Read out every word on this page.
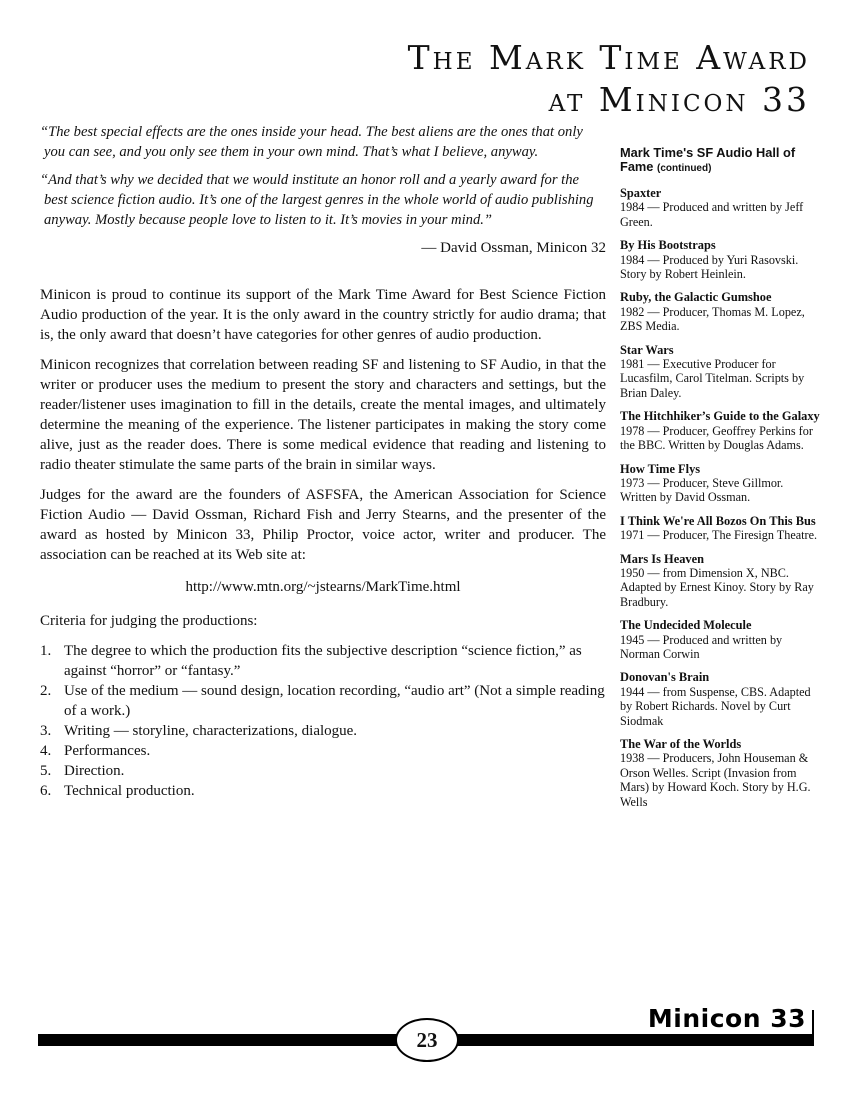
The Mark Time Award
at Minicon 33

“The best special effects are the ones inside your head. The best aliens are the ones that only you can see, and you only see them in your own mind. That’s what I believe, anyway.

“And that’s why we decided that we would institute an honor roll and a yearly award for the best science fiction audio. It’s one of the largest genres in the whole world of audio publishing anyway. Mostly because people love to listen to it. It’s movies in your mind.”

— David Ossman, Minicon 32

Minicon is proud to continue its support of the Mark Time Award for Best Science Fiction Audio production of the year. It is the only award in the country strictly for audio drama; that is, the only award that doesn’t have categories for other genres of audio production.

Minicon recognizes that correlation between reading SF and listening to SF Audio, in that the writer or producer uses the medium to present the story and characters and settings, but the reader/listener uses imagination to fill in the details, create the mental images, and ultimately determine the meaning of the experience. The listener participates in making the story come alive, just as the reader does. There is some medical evidence that reading and listening to radio theater stimulate the same parts of the brain in similar ways.

Judges for the award are the founders of ASFSFA, the American Association for Science Fiction Audio — David Ossman, Richard Fish and Jerry Stearns, and the presenter of the award as hosted by Minicon 33, Philip Proctor, voice actor, writer and producer. The association can be reached at its Web site at:

http://www.mtn.org/~jstearns/MarkTime.html

Criteria for judging the productions:

1. The degree to which the production fits the subjective description “science fiction,” as against “horror” or “fantasy.”
2. Use of the medium — sound design, location recording, “audio art” (Not a simple reading of a work.)
3. Writing — storyline, characterizations, dialogue.
4. Performances.
5. Direction.
6. Technical production.
Mark Time's SF Audio Hall of Fame (continued)
Spaxter
1984 — Produced and written by Jeff Green.
By His Bootstraps
1984 — Produced by Yuri Rasovski. Story by Robert Heinlein.
Ruby, the Galactic Gumshoe
1982 — Producer, Thomas M. Lopez, ZBS Media.
Star Wars
1981 — Executive Producer for Lucasfilm, Carol Titelman. Scripts by Brian Daley.
The Hitchhiker’s Guide to the Galaxy
1978 — Producer, Geoffrey Perkins for the BBC. Written by Douglas Adams.
How Time Flys
1973 — Producer, Steve Gillmor. Written by David Ossman.
I Think We're All Bozos On This Bus
1971 — Producer, The Firesign Theatre.
Mars Is Heaven
1950 — from Dimension X, NBC. Adapted by Ernest Kinoy. Story by Ray Bradbury.
The Undecided Molecule
1945 — Produced and written by Norman Corwin
Donovan's Brain
1944 — from Suspense, CBS. Adapted by Robert Richards. Novel by Curt Siodmak
The War of the Worlds
1938 — Producers, John Houseman & Orson Welles. Script (Invasion from Mars) by Howard Koch. Story by H.G. Wells
Minicon 33
23
